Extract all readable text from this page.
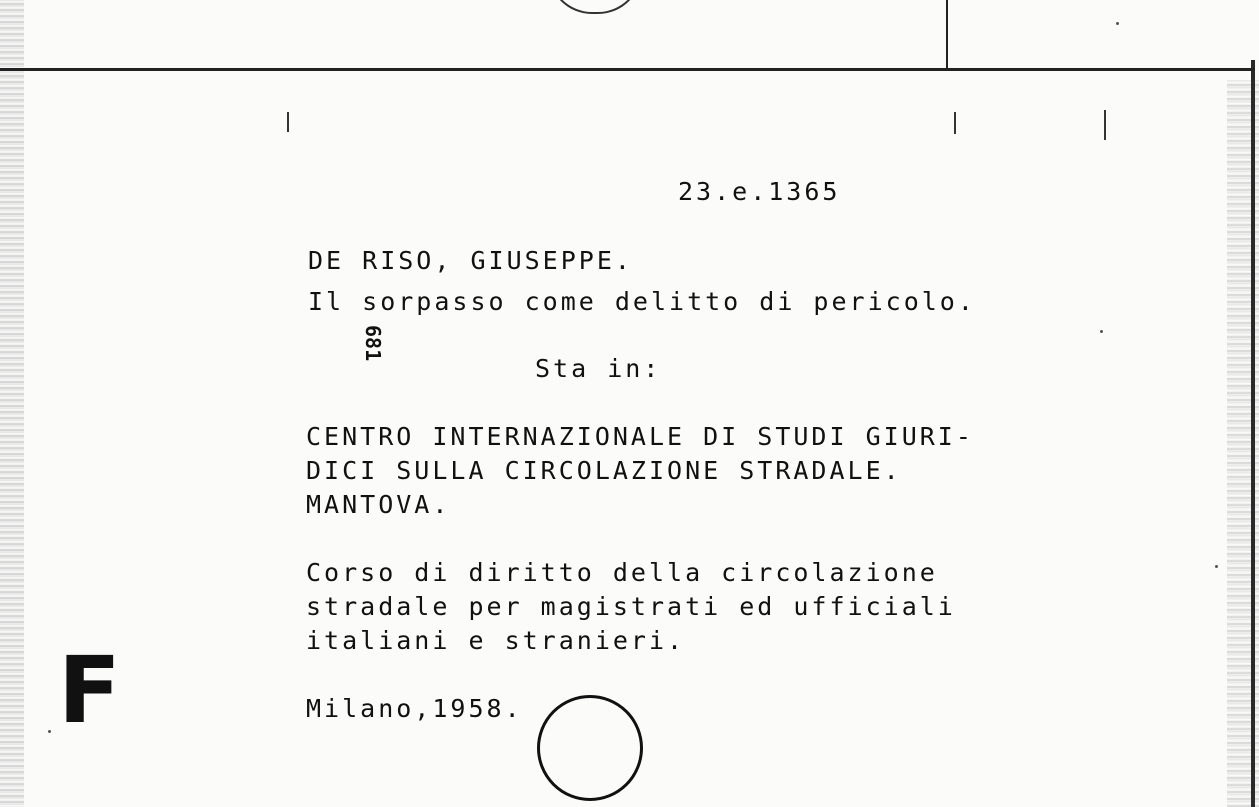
23.e.1365
DE RISO, GIUSEPPE.
Il sorpasso come delitto di pericolo.
681
Sta in:
CENTRO INTERNAZIONALE DI STUDI GIURI-
DICI SULLA CIRCOLAZIONE STRADALE.
MANTOVA.
Corso di diritto della circolazione
stradale per magistrati ed ufficiali
italiani e stranieri.
Milano,1958.
F
